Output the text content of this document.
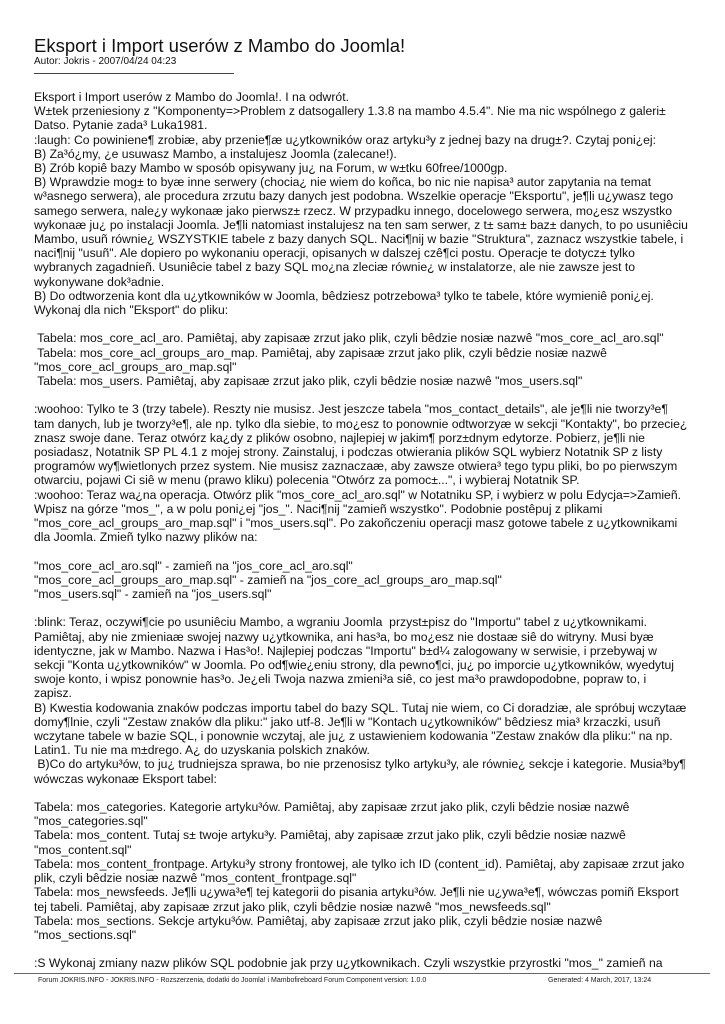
Eksport i Import userów z Mambo do Joomla!
Autor: Jokris - 2007/04/24 04:23
Eksport i Import userów z Mambo do Joomla!. I na odwrót.
W±tek przeniesiony z "Komponenty=>Problem z datsogallery 1.3.8 na mambo 4.5.4". Nie ma nic wspólnego z galeri±
Datso. Pytanie zada³ Luka1981.
:laugh: Co powiniene¶ zrobiæ, aby przenie¶æ u¿ytkowników oraz artyku³y z jednej bazy na drug±?. Czytaj poni¿ej:
B) Za³ó¿my, ¿e usuwasz Mambo, a instalujesz Joomla (zalecane!).
B) Zrób kopiê bazy Mambo w sposób opisywany ju¿ na Forum, w w±tku 60free/1000gp.
B) Wprawdzie mog± to byæ inne serwery (chocia¿ nie wiem do koñca, bo nic nie napisa³ autor zapytania na temat
w³asnego serwera), ale procedura zrzutu bazy danych jest podobna. Wszelkie operacje "Eksportu", je¶li u¿ywasz tego
samego serwera, nale¿y wykonaæ jako pierwsz± rzecz. W przypadku innego, docelowego serwera, mo¿esz wszystko
wykonaæ ju¿ po instalacji Joomla. Je¶li natomiast instalujesz na ten sam serwer, z t± sam± baz± danych, to po usuniêciu
Mambo, usuñ równie¿ WSZYSTKIE tabele z bazy danych SQL. Naci¶nij w bazie "Struktura", zaznacz wszystkie tabele, i
naci¶nij "usuñ". Ale dopiero po wykonaniu operacji, opisanych w dalszej czê¶ci postu. Operacje te dotycz± tylko
wybranych zagadnieñ. Usuniêcie tabel z bazy SQL mo¿na zleciæ równie¿ w instalatorze, ale nie zawsze jest to
wykonywane dok³adnie.
B) Do odtworzenia kont dla u¿ytkowników w Joomla, bêdziesz potrzebowa³ tylko te tabele, które wymieniê poni¿ej.
Wykonaj dla nich "Eksport" do pliku:
Tabela: mos_core_acl_aro. Pamiêtaj, aby zapisaæ zrzut jako plik, czyli bêdzie nosiæ nazwê "mos_core_acl_aro.sql"
Tabela: mos_core_acl_groups_aro_map. Pamiêtaj, aby zapisaæ zrzut jako plik, czyli bêdzie nosiæ nazwê
"mos_core_acl_groups_aro_map.sql"
Tabela: mos_users. Pamiêtaj, aby zapisaæ zrzut jako plik, czyli bêdzie nosiæ nazwê "mos_users.sql"
:woohoo: Tylko te 3 (trzy tabele). Reszty nie musisz. Jest jeszcze tabela "mos_contact_details", ale je¶li nie tworzy³e¶
tam danych, lub je tworzy³e¶, ale np. tylko dla siebie, to mo¿esz to ponownie odtworzyæ w sekcji "Kontakty", bo przecie¿
znasz swoje dane. Teraz otwórz ka¿dy z plików osobno, najlepiej w jakim¶ porz±dnym edytorze. Pobierz, je¶li nie
posiadasz, Notatnik SP PL 4.1 z mojej strony. Zainstaluj, i podczas otwierania plików SQL wybierz Notatnik SP z listy
programów wy¶wietlonych przez system. Nie musisz zaznaczaæ, aby zawsze otwiera³ tego typu pliki, bo po pierwszym
otwarciu, pojawi Ci siê w menu (prawo kliku) polecenia "Otwórz za pomoc±...", i wybieraj Notatnik SP.
:woohoo: Teraz wa¿na operacja. Otwórz plik "mos_core_acl_aro.sql" w Notatniku SP, i wybierz w polu Edycja=>Zamieñ.
Wpisz na górze "mos_", a w polu poni¿ej "jos_". Naci¶nij "zamieñ wszystko". Podobnie postêpuj z plikami
"mos_core_acl_groups_aro_map.sql" i "mos_users.sql". Po zakoñczeniu operacji masz gotowe tabele z u¿ytkownikami
dla Joomla. Zmieñ tylko nazwy plików na:
"mos_core_acl_aro.sql" - zamieñ na "jos_core_acl_aro.sql"
"mos_core_acl_groups_aro_map.sql" - zamieñ na "jos_core_acl_groups_aro_map.sql"
"mos_users.sql" - zamieñ na "jos_users.sql"
:blink: Teraz, oczywi¶cie po usuniêciu Mambo, a wgraniu Joomla  przyst±pisz do "Importu" tabel z u¿ytkownikami.
Pamiêtaj, aby nie zmieniaæ swojej nazwy u¿ytkownika, ani has³a, bo mo¿esz nie dostaæ siê do witryny. Musi byæ
identyczne, jak w Mambo. Nazwa i Has³o!. Najlepiej podczas "Importu" b±d¼ zalogowany w serwisie, i przebywaj w
sekcji "Konta u¿ytkowników" w Joomla. Po od¶wie¿eniu strony, dla pewno¶ci, ju¿ po imporcie u¿ytkowników, wyedytuj
swoje konto, i wpisz ponownie has³o. Je¿eli Twoja nazwa zmieni³a siê, co jest ma³o prawdopodobne, popraw to, i
zapisz.
B) Kwestia kodowania znaków podczas importu tabel do bazy SQL. Tutaj nie wiem, co Ci doradziæ, ale spróbuj wczytaæ
domy¶lnie, czyli "Zestaw znaków dla pliku:" jako utf-8. Je¶li w "Kontach u¿ytkowników" bêdziesz mia³ krzaczki, usuñ
wczytane tabele w bazie SQL, i ponownie wczytaj, ale ju¿ z ustawieniem kodowania "Zestaw znaków dla pliku:" na np.
Latin1. Tu nie ma m±drego. A¿ do uzyskania polskich znaków.
B)Co do artyku³ów, to ju¿ trudniejsza sprawa, bo nie przenosisz tylko artyku³y, ale równie¿ sekcje i kategorie. Musia³by¶
wówczas wykonaæ Eksport tabel:
Tabela: mos_categories. Kategorie artyku³ów. Pamiêtaj, aby zapisaæ zrzut jako plik, czyli bêdzie nosiæ nazwê
"mos_categories.sql"
Tabela: mos_content. Tutaj s± twoje artyku³y. Pamiêtaj, aby zapisaæ zrzut jako plik, czyli bêdzie nosiæ nazwê
"mos_content.sql"
Tabela: mos_content_frontpage. Artyku³y strony frontowej, ale tylko ich ID (content_id). Pamiêtaj, aby zapisaæ zrzut jako
plik, czyli bêdzie nosiæ nazwê "mos_content_frontpage.sql"
Tabela: mos_newsfeeds. Je¶li u¿ywa³e¶ tej kategorii do pisania artyku³ów. Je¶li nie u¿ywa³e¶, wówczas pomiñ Eksport
tej tabeli. Pamiêtaj, aby zapisaæ zrzut jako plik, czyli bêdzie nosiæ nazwê "mos_newsfeeds.sql"
Tabela: mos_sections. Sekcje artyku³ów. Pamiêtaj, aby zapisaæ zrzut jako plik, czyli bêdzie nosiæ nazwê
"mos_sections.sql"
:S Wykonaj zmiany nazw plików SQL podobnie jak przy u¿ytkownikach. Czyli wszystkie przyrostki "mos_" zamieñ na
Forum JOKRIS.INFO - JOKRIS.INFO - Rozszerzenia, dodatki do Joomla! i Mambofireboard Forum Component version: 1.0.0	Generated: 4 March, 2017, 13:24
